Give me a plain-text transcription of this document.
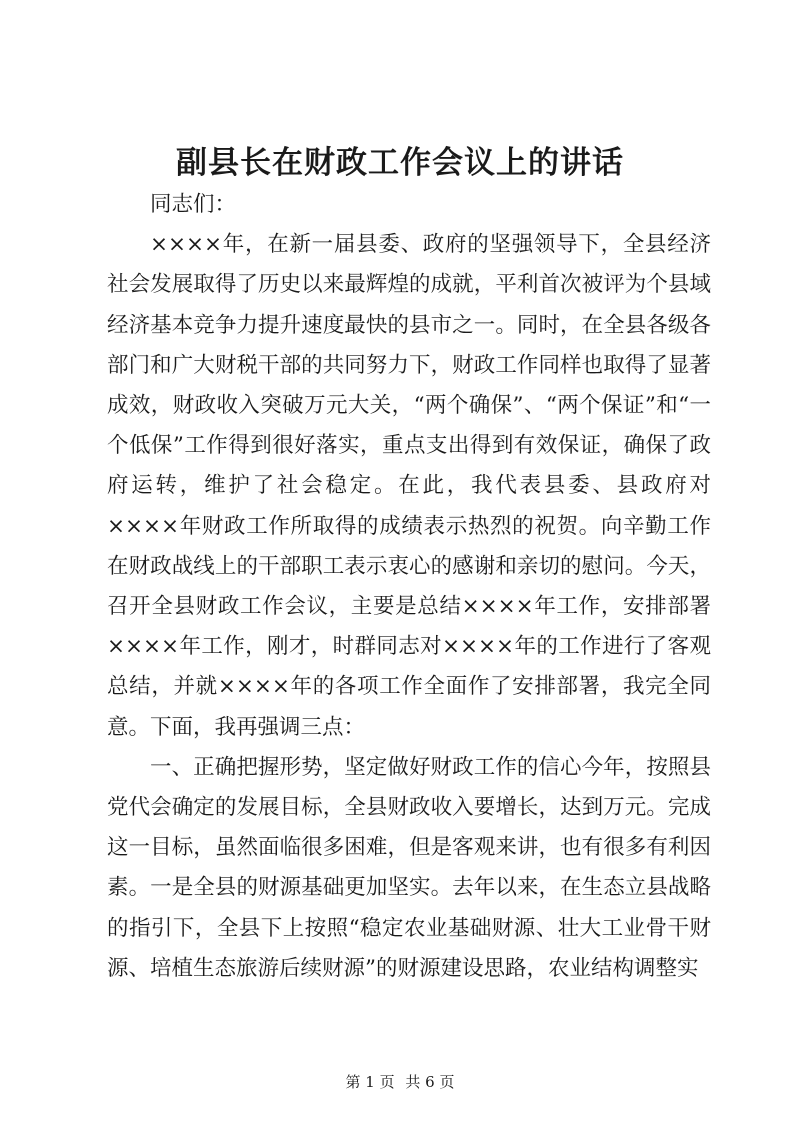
副县长在财政工作会议上的讲话

同志们：

××××年，在新一届县委、政府的坚强领导下，全县经济社会发展取得了历史以来最辉煌的成就，平利首次被评为个县域经济基本竞争力提升速度最快的县市之一。同时，在全县各级各部门和广大财税干部的共同努力下，财政工作同样也取得了显著成效，财政收入突破万元大关，“两个确保”、“两个保证”和“一个低保”工作得到很好落实，重点支出得到有效保证，确保了政府运转，维护了社会稳定。在此，我代表县委、县政府对××××年财政工作所取得的成绩表示热烈的祝贺。向辛勤工作在财政战线上的干部职工表示衷心的感谢和亲切的慰问。今天，召开全县财政工作会议，主要是总结××××年工作，安排部署××××年工作，刚才，时群同志对××××年的工作进行了客观总结，并就××××年的各项工作全面作了安排部署，我完全同意。下面，我再强调三点：

一、正确把握形势，坚定做好财政工作的信心今年，按照县党代会确定的发展目标，全县财政收入要增长，达到万元。完成这一目标，虽然面临很多困难，但是客观来讲，也有很多有利因素。一是全县的财源基础更加坚实。去年以来，在生态立县战略的指引下，全县下上按照“稳定农业基础财源、壮大工业骨干财源、培植生态旅游后续财源”的财源建设思路，农业结构调整实

第 1 页 共 6 页
